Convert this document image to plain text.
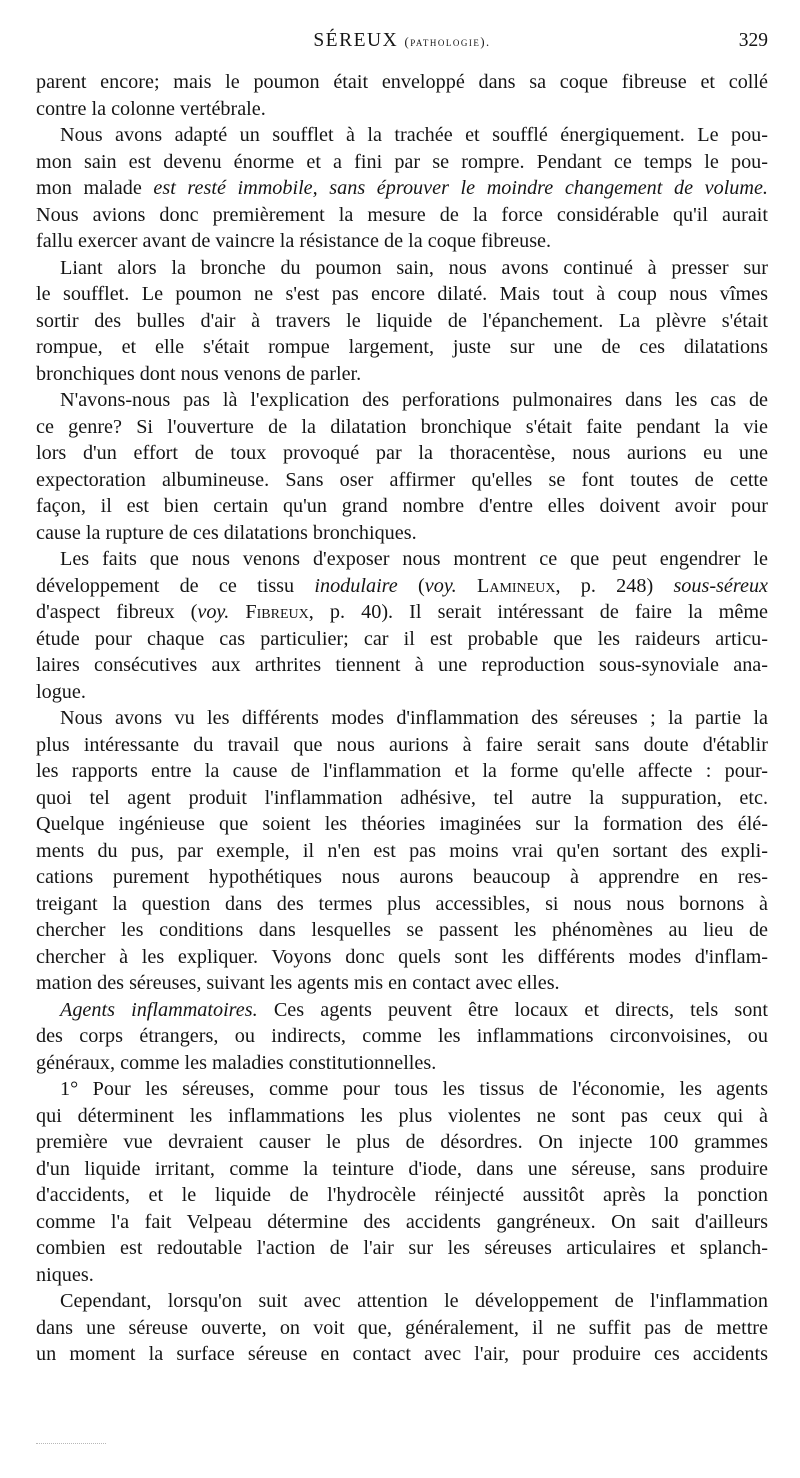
SÉREUX (pathologie).	329
parent encore; mais le poumon était enveloppé dans sa coque fibreuse et collé
contre la colonne vertébrale.
Nous avons adapté un soufflet à la trachée et soufflé énergiquement. Le pou-
mon sain est devenu énorme et a fini par se rompre. Pendant ce temps le pou-
mon malade est resté immobile, sans éprouver le moindre changement de volume.
Nous avions donc premièrement la mesure de la force considérable qu'il aurait
fallu exercer avant de vaincre la résistance de la coque fibreuse.
Liant alors la bronche du poumon sain, nous avons continué à presser sur
le soufflet. Le poumon ne s'est pas encore dilaté. Mais tout à coup nous vîmes
sortir des bulles d'air à travers le liquide de l'épanchement. La plèvre s'était
rompue, et elle s'était rompue largement, juste sur une de ces dilatations
bronchiques dont nous venons de parler.
N'avons-nous pas là l'explication des perforations pulmonaires dans les cas de
ce genre? Si l'ouverture de la dilatation bronchique s'était faite pendant la vie
lors d'un effort de toux provoqué par la thoracentèse, nous aurions eu une
expectoration albumineuse. Sans oser affirmer qu'elles se font toutes de cette
façon, il est bien certain qu'un grand nombre d'entre elles doivent avoir pour
cause la rupture de ces dilatations bronchiques.
Les faits que nous venons d'exposer nous montrent ce que peut engendrer le
développement de ce tissu inodulaire (voy. Lamineux, p. 248) sous-séreux
d'aspect fibreux (voy. Fibreux, p. 40). Il serait intéressant de faire la même
étude pour chaque cas particulier; car il est probable que les raideurs articu-
laires consécutives aux arthrites tiennent à une reproduction sous-synoviale ana-
logue.
Nous avons vu les différents modes d'inflammation des séreuses ; la partie la
plus intéressante du travail que nous aurions à faire serait sans doute d'établir
les rapports entre la cause de l'inflammation et la forme qu'elle affecte : pour-
quoi tel agent produit l'inflammation adhésive, tel autre la suppuration, etc.
Quelque ingénieuse que soient les théories imaginées sur la formation des élé-
ments du pus, par exemple, il n'en est pas moins vrai qu'en sortant des expli-
cations purement hypothétiques nous aurons beaucoup à apprendre en res-
treigant la question dans des termes plus accessibles, si nous nous bornons à
chercher les conditions dans lesquelles se passent les phénomènes au lieu de
chercher à les expliquer. Voyons donc quels sont les différents modes d'inflam-
mation des séreuses, suivant les agents mis en contact avec elles.
Agents inflammatoires. Ces agents peuvent être locaux et directs, tels sont
des corps étrangers, ou indirects, comme les inflammations circonvoisines, ou
généraux, comme les maladies constitutionnelles.
1° Pour les séreuses, comme pour tous les tissus de l'économie, les agents
qui déterminent les inflammations les plus violentes ne sont pas ceux qui à
première vue devraient causer le plus de désordres. On injecte 100 grammes
d'un liquide irritant, comme la teinture d'iode, dans une séreuse, sans produire
d'accidents, et le liquide de l'hydrocèle réinjecté aussitôt après la ponction
comme l'a fait Velpeau détermine des accidents gangréneux. On sait d'ailleurs
combien est redoutable l'action de l'air sur les séreuses articulaires et splanch-
niques.
Cependant, lorsqu'on suit avec attention le développement de l'inflammation
dans une séreuse ouverte, on voit que, généralement, il ne suffit pas de mettre
un moment la surface séreuse en contact avec l'air, pour produire ces accidents
